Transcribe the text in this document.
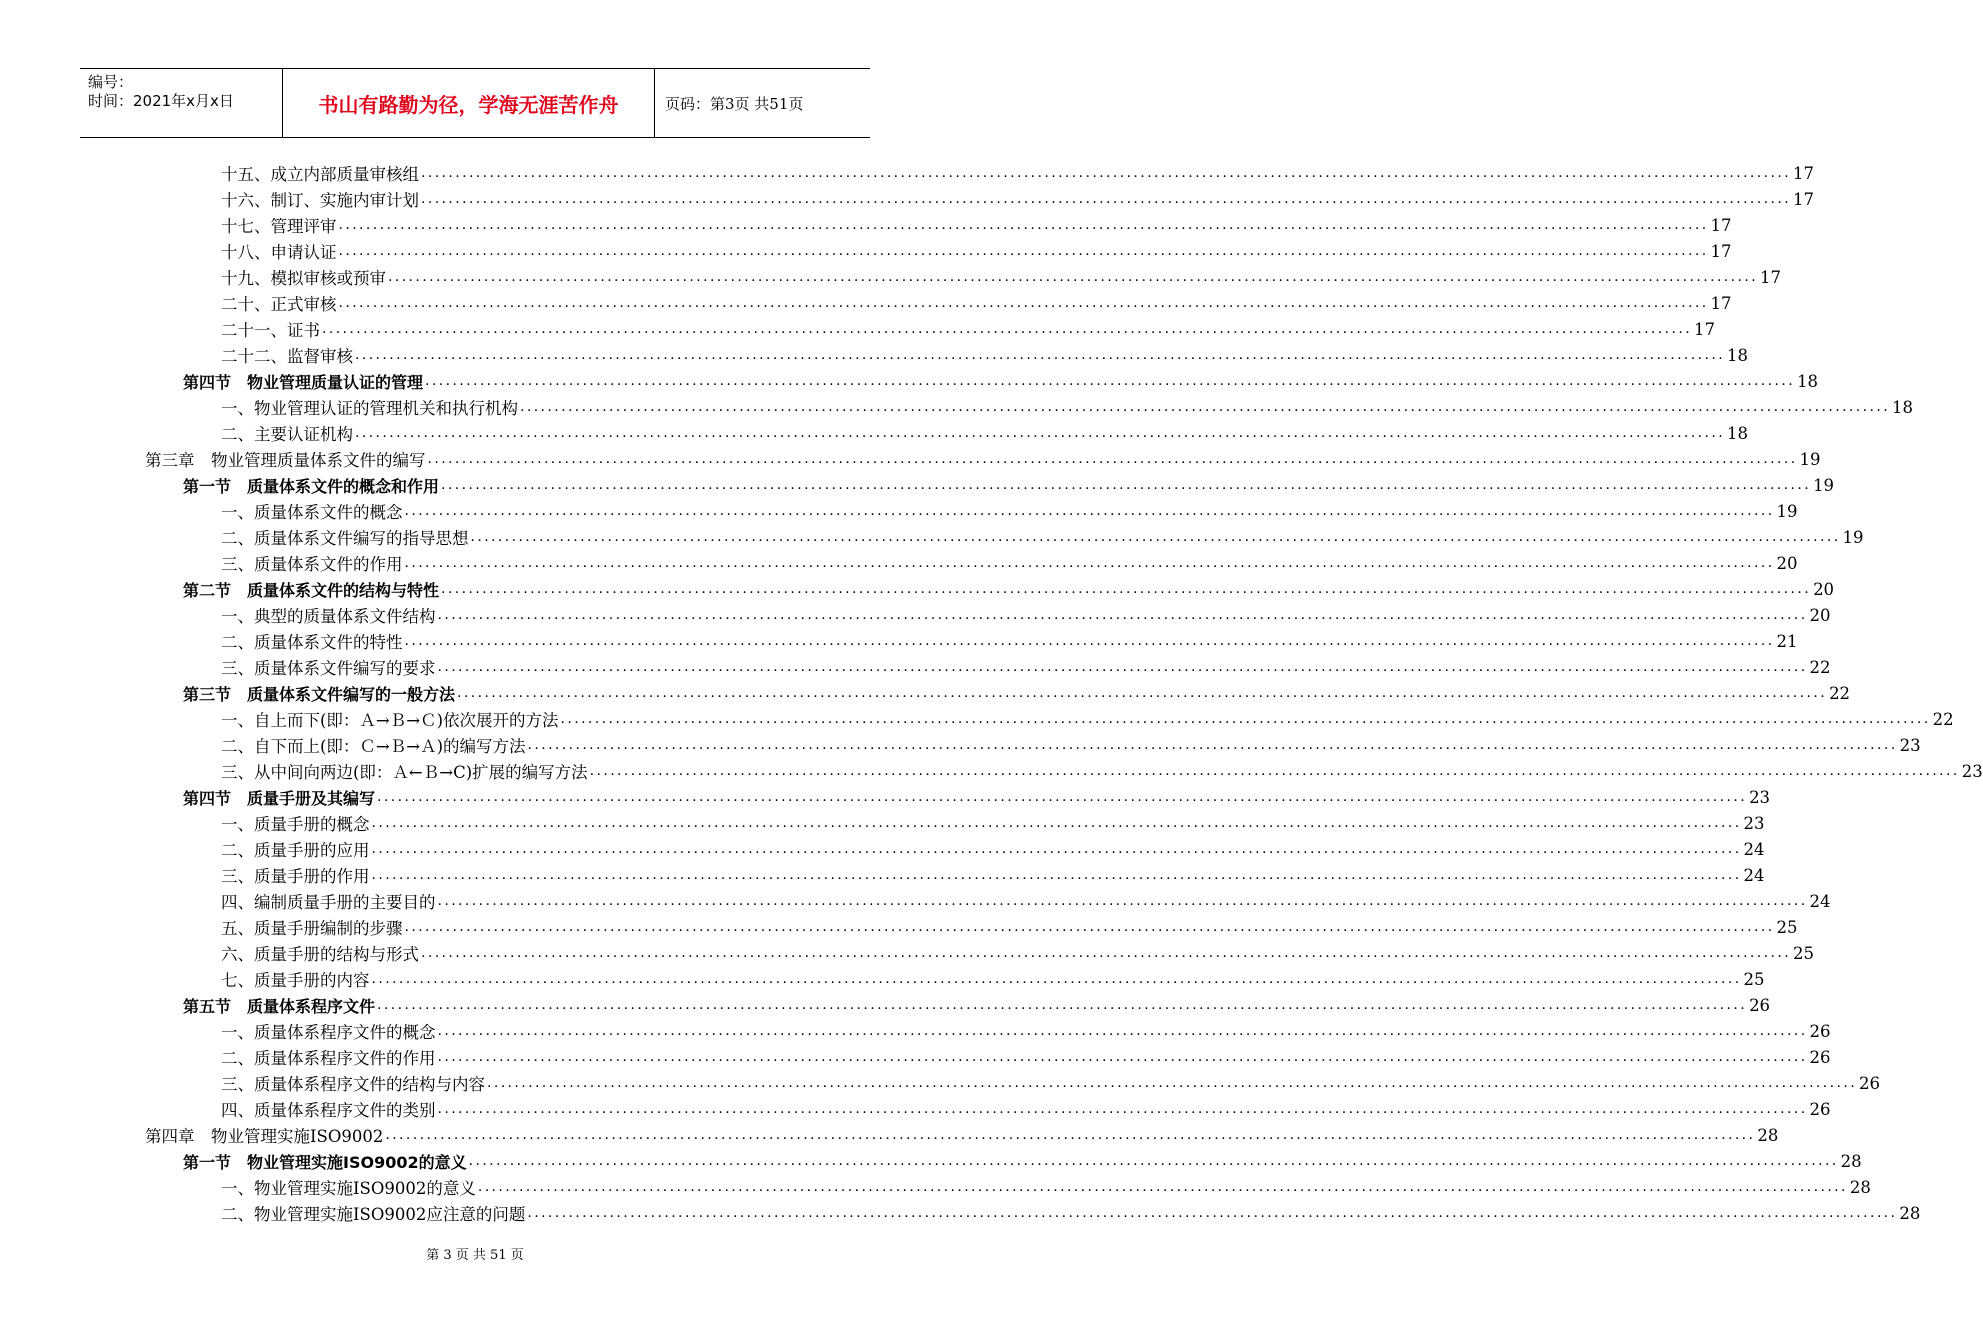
编号：
时间：2021年x月x日	书山有路勤为径，学海无涯苦作舟	页码：第3页 共51页
十五、成立内部质量审核组 ........................................................................................................................................................................................................ 17
十六、制订、实施内审计划 ........................................................................................................................................................................................................ 17
十七、管理评审 ........................................................................................................................................................................................................ 17
十八、申请认证 ........................................................................................................................................................................................................ 17
十九、模拟审核或预审 ........................................................................................................................................................................................................ 17
二十、正式审核 ........................................................................................................................................................................................................ 17
二十一、证书 ........................................................................................................................................................................................................ 17
二十二、监督审核 ........................................................................................................................................................................................................ 18
第四节　物业管理质量认证的管理 ........................................................................................................................................................................................................ 18
一、物业管理认证的管理机关和执行机构 ........................................................................................................................................................................................................ 18
二、主要认证机构 ........................................................................................................................................................................................................ 18
第三章　物业管理质量体系文件的编写 ........................................................................................................................................................................................................ 19
第一节　质量体系文件的概念和作用 ........................................................................................................................................................................................................ 19
一、质量体系文件的概念 ........................................................................................................................................................................................................ 19
二、质量体系文件编写的指导思想 ........................................................................................................................................................................................................ 19
三、质量体系文件的作用 ........................................................................................................................................................................................................ 20
第二节　质量体系文件的结构与特性 ........................................................................................................................................................................................................ 20
一、典型的质量体系文件结构 ........................................................................................................................................................................................................ 20
二、质量体系文件的特性 ........................................................................................................................................................................................................ 21
三、质量体系文件编写的要求 ........................................................................................................................................................................................................ 22
第三节　质量体系文件编写的一般方法 ........................................................................................................................................................................................................ 22
一、自上而下(即：Ａ→Ｂ→Ｃ)依次展开的方法 ........................................................................................................................................................................................................ 22
二、自下而上(即：Ｃ→Ｂ→Ａ)的编写方法 ........................................................................................................................................................................................................ 23
三、从中间向两边(即：Ａ←Ｂ→C)扩展的编写方法 ........................................................................................................................................................................................................ 23
第四节　质量手册及其编写 ........................................................................................................................................................................................................ 23
一、质量手册的概念 ........................................................................................................................................................................................................ 23
二、质量手册的应用 ........................................................................................................................................................................................................ 24
三、质量手册的作用 ........................................................................................................................................................................................................ 24
四、编制质量手册的主要目的 ........................................................................................................................................................................................................ 24
五、质量手册编制的步骤 ........................................................................................................................................................................................................ 25
六、质量手册的结构与形式 ........................................................................................................................................................................................................ 25
七、质量手册的内容 ........................................................................................................................................................................................................ 25
第五节　质量体系程序文件 ........................................................................................................................................................................................................ 26
一、质量体系程序文件的概念 ........................................................................................................................................................................................................ 26
二、质量体系程序文件的作用 ........................................................................................................................................................................................................ 26
三、质量体系程序文件的结构与内容 ........................................................................................................................................................................................................ 26
四、质量体系程序文件的类别 ........................................................................................................................................................................................................ 26
第四章　物业管理实施ISO9002 ........................................................................................................................................................................................................ 28
第一节　物业管理实施ISO9002的意义 ........................................................................................................................................................................................................ 28
一、物业管理实施ISO9002的意义 ........................................................................................................................................................................................................ 28
二、物业管理实施ISO9002应注意的问题 ........................................................................................................................................................................................................ 28
第 3 页 共 51 页
